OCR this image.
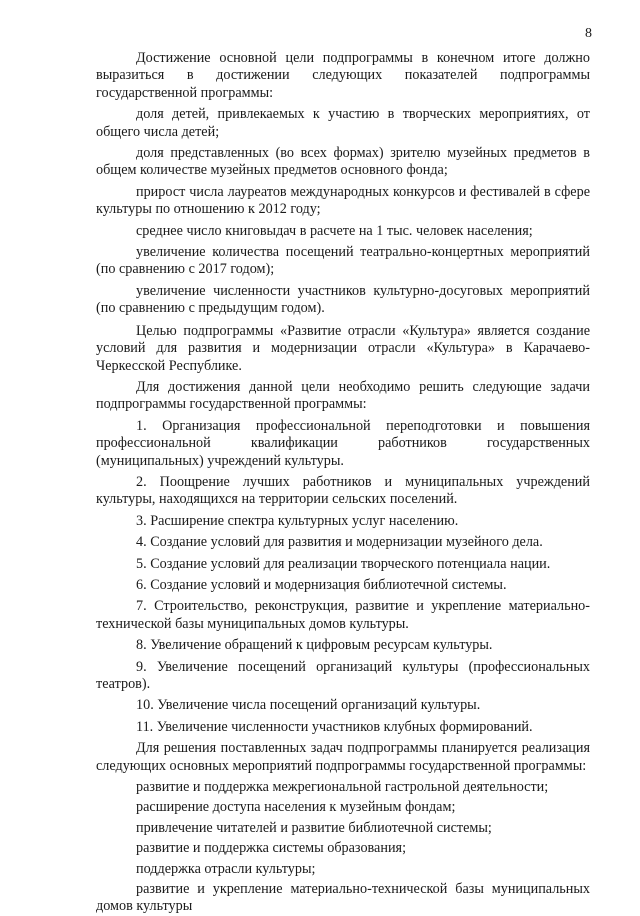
8

Достижение основной цели подпрограммы в конечном итоге должно выразиться в достижении следующих показателей подпрограммы государственной программы:

доля детей, привлекаемых к участию в творческих мероприятиях, от общего числа детей;

доля представленных (во всех формах) зрителю музейных предметов в общем количестве музейных предметов основного фонда;

прирост числа лауреатов международных конкурсов и фестивалей в сфере культуры по отношению к 2012 году;

среднее число книговыдач в расчете на 1 тыс. человек населения;

увеличение количества посещений театрально-концертных мероприятий (по сравнению с 2017 годом);

увеличение численности участников культурно-досуговых мероприятий (по сравнению с предыдущим годом).

Целью подпрограммы «Развитие отрасли «Культура» является создание условий для развития и модернизации отрасли «Культура» в Карачаево-Черкесской Республике.

Для достижения данной цели необходимо решить следующие задачи подпрограммы государственной программы:

1. Организация профессиональной переподготовки и повышения профессиональной квалификации работников государственных (муниципальных) учреждений культуры.

2. Поощрение лучших работников и муниципальных учреждений культуры, находящихся на территории сельских поселений.

3. Расширение спектра культурных услуг населению.

4. Создание условий для развития и модернизации музейного дела.

5. Создание условий для реализации творческого потенциала нации.

6. Создание условий и модернизация библиотечной системы.

7. Строительство, реконструкция, развитие и укрепление материально-технической базы муниципальных домов культуры.

8. Увеличение обращений к цифровым ресурсам культуры.

9. Увеличение посещений организаций культуры (профессиональных театров).

10. Увеличение числа посещений организаций культуры.

11. Увеличение численности участников клубных формирований.

Для решения поставленных задач подпрограммы планируется реализация следующих основных мероприятий подпрограммы государственной программы:

развитие и поддержка межрегиональной гастрольной деятельности;

расширение доступа населения к музейным фондам;

привлечение читателей и развитие библиотечной системы;

развитие и поддержка системы образования;

поддержка отрасли культуры;

развитие и укрепление материально-технической базы муниципальных домов культуры
